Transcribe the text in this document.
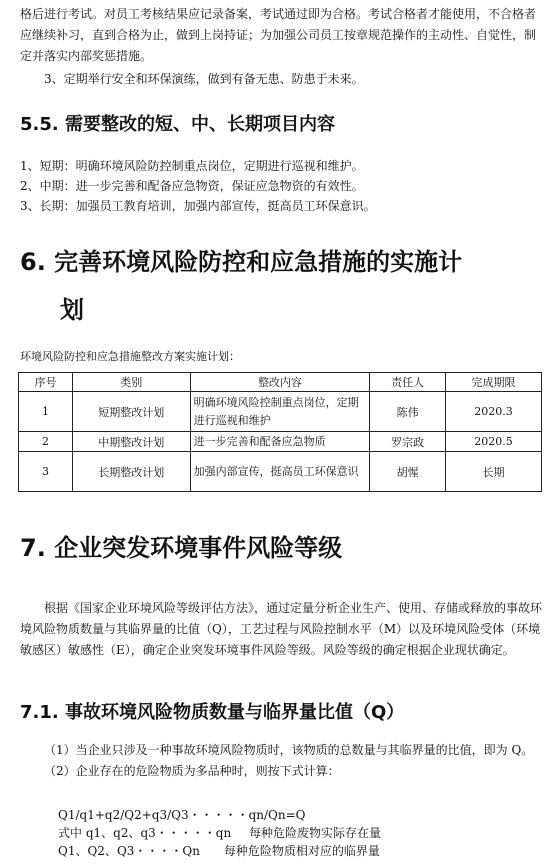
格后进行考试。对员工考核结果应记录备案，考试通过即为合格。考试合格者才能使用，不合格者应继续补习，直到合格为止，做到上岗持证；为加强公司员工按章规范操作的主动性、自觉性，制定并落实内部奖惩措施。

3、定期举行安全和环保演练，做到有备无患、防患于未来。

5.5. 需要整改的短、中、长期项目内容

1、短期：明确环境风险防控制重点岗位，定期进行巡视和维护。

2、中期：进一步完善和配备应急物资，保证应急物资的有效性。

3、长期：加强员工教育培训，加强内部宣传，挺高员工环保意识。

6. 完善环境风险防控和应急措施的实施计
划

环境风险防控和应急措施整改方案实施计划：

序号	类别	整改内容	责任人	完成期限
1	短期整改计划	明确环境风险控制重点岗位，定期进行巡视和维护	陈伟	2020.3
2	中期整改计划	进一步完善和配备应急物质	罗宗政	2020.5
3	长期整改计划	加强内部宣传，挺高员工环保意识	胡惺	长期
7. 企业突发环境事件风险等级

根据《国家企业环境风险等级评估方法》，通过定量分析企业生产、使用、存储或释放的事故环境风险物质数量与其临界量的比值（Q），工艺过程与风险控制水平（M）以及环境风险受体（环境敏感区）敏感性（E），确定企业突发环境事件风险等级。风险等级的确定根据企业现状确定。

7.1. 事故环境风险物质数量与临界量比值（Q）

（1）当企业只涉及一种事故环境风险物质时，该物质的总数量与其临界量的比值，即为 Q。

（2）企业存在的危险物质为多品种时，则按下式计算：

Q1/q1+q2/Q2+q3/Q3・・・・・qn/Qn=Q

式中 q1、q2、q3・・・・・qn 每种危险废物实际存在量

Q1、Q2、Q3・・・・Qn 每种危险物质相对应的临界量
